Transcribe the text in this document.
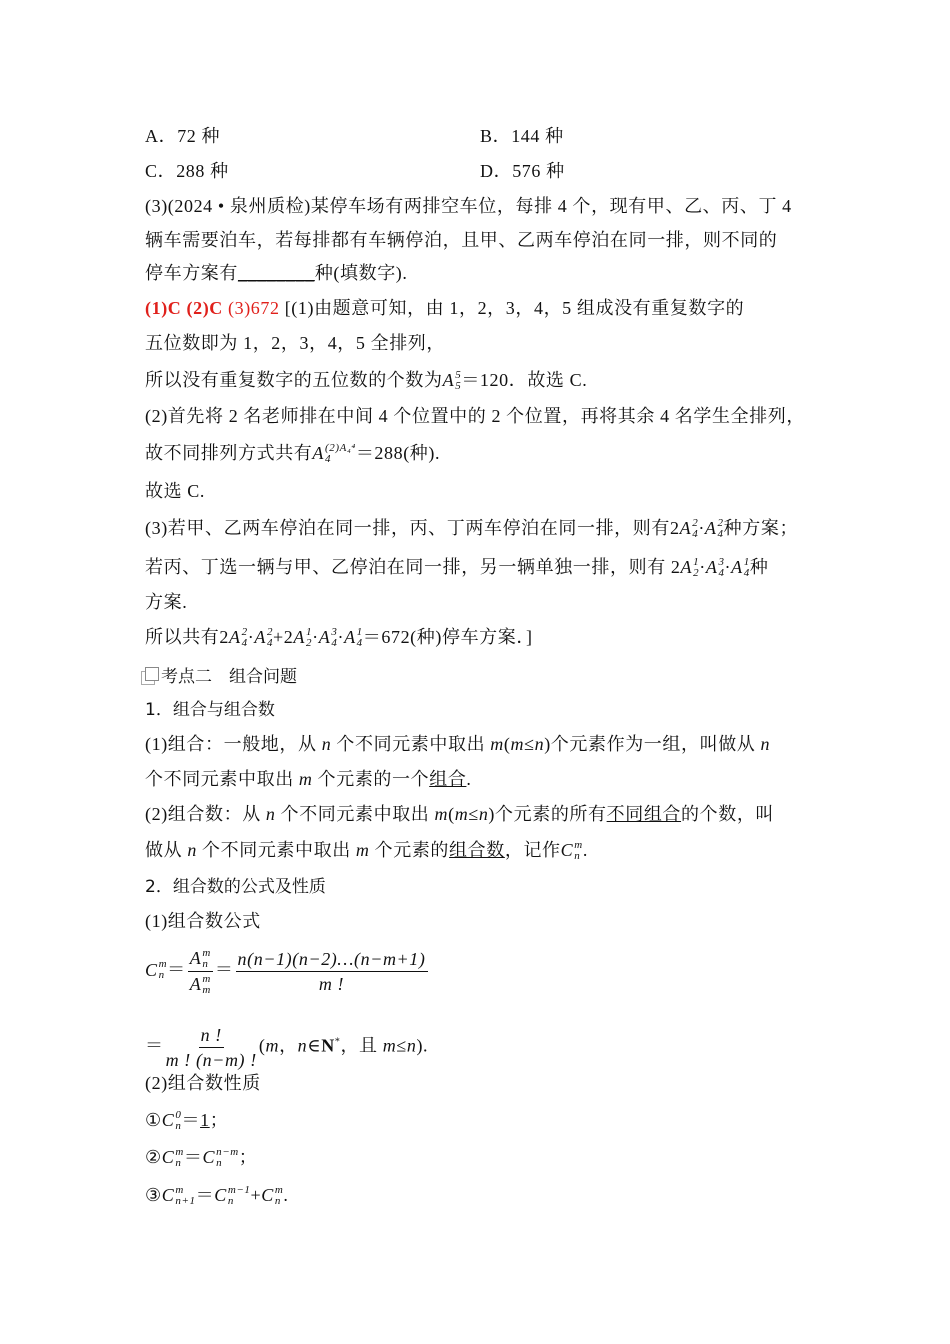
A．72 种	B．144 种
C．288 种	D．576 种
(3)(2024 • 泉州质检)某停车场有两排空车位，每排 4 个，现有甲、乙、丙、丁 4
辆车需要泊车，若每排都有车辆停泊，且甲、乙两车停泊在同一排，则不同的
停车方案有________种(填数字).
(1)C (2)C (3)672 [(1)由题意可知，由 1，2，3，4，5 组成没有重复数字的
五位数即为 1，2，3，4，5 全排列，
所以没有重复数字的五位数的个数为A 5
5 ＝120．故选 C.
(2)首先将 2 名老师排在中间 4 个位置中的 2 个位置，再将其余 4 名学生全排列，
故不同排列方式共有A (2)A₄⁴
4	＝288(种).
故选 C.
(3)若甲、乙两车停泊在同一排，丙、丁两车停泊在同一排，则有2A 2
4 ·A 2
4 种方案；
若丙、丁选一辆与甲、乙停泊在同一排，另一辆单独一排，则有 2A 1
2 ·A 3
4 ·A 1
4 种
方案.
所以共有2A 2
4 ·A 2
4 +2A 1
2 ·A 3
4 ·A 1
4 ＝672(种)停车方案．]
考点二　组合问题
1．组合与组合数
(1)组合：一般地，从 n 个不同元素中取出 m(m≤n)个元素作为一组，叫做从 n
个不同元素中取出 m 个元素的一个组合.
(2)组合数：从 n 个不同元素中取出 m(m≤n)个元素的所有不同组合的个数，叫
做从 n 个不同元素中取出 m 个元素的组合数，记作C m
n .
2．组合数的公式及性质
(1)组合数公式
C m
n ＝ A m
n
A m
$m = \frac{n(n-1)(n-2)\dots(n-m+1)}{m !}$
＝ $\frac{n !}{m ! (n-m) !} (m$，n∈N*，且 m≤n).
(2)组合数性质
①C 0
n ＝1；
②C m
n ＝C n−m
n ；
③C m
n+1 ＝C m−1
n +C m
n .
